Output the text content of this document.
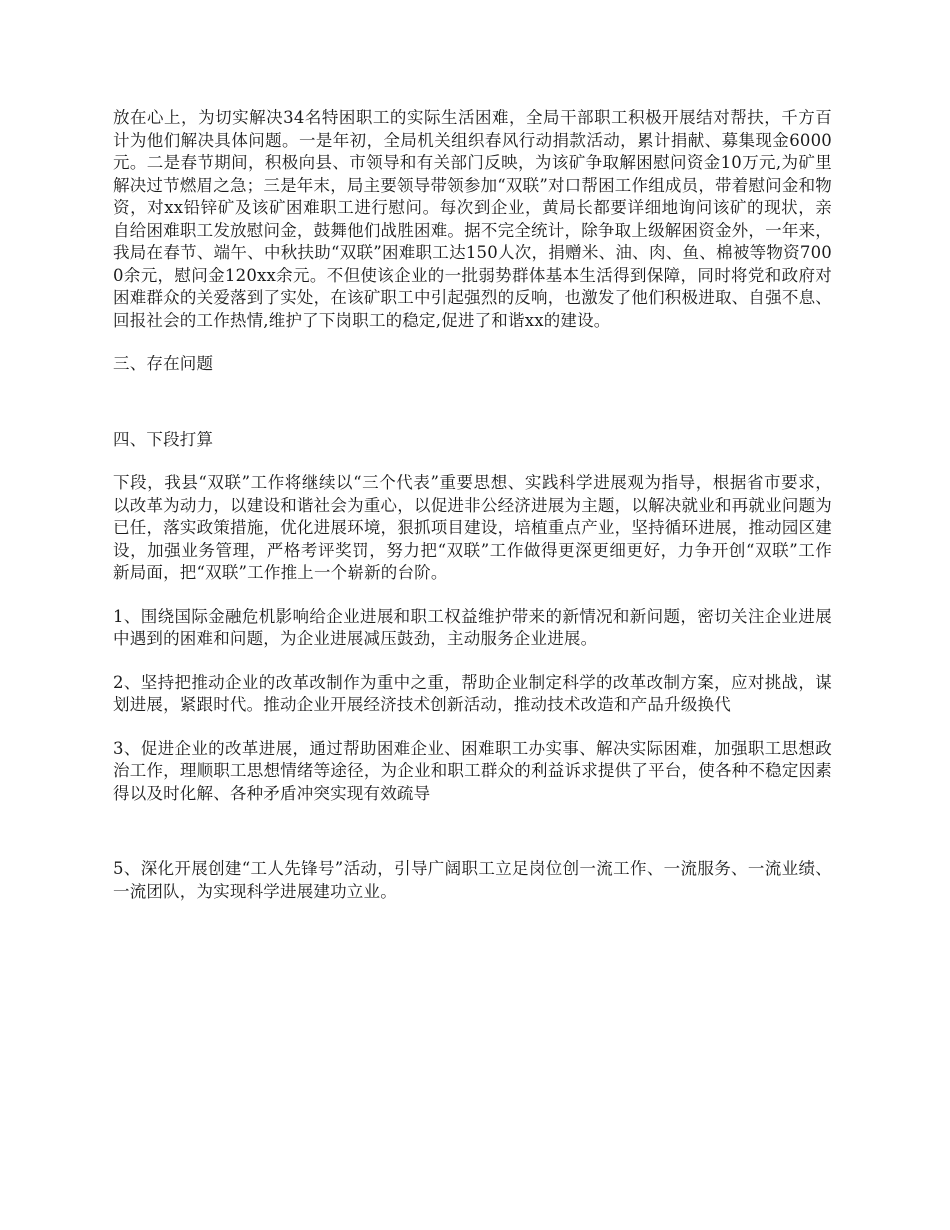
放在心上，为切实解决34名特困职工的实际生活困难，全局干部职工积极开展结对帮扶，千方百计为他们解决具体问题。一是年初，全局机关组织春风行动捐款活动，累计捐献、募集现金6000元。二是春节期间，积极向县、市领导和有关部门反映，为该矿争取解困慰问资金10万元,为矿里解决过节燃眉之急；三是年末，局主要领导带领参加“双联”对口帮困工作组成员，带着慰问金和物资，对xx铅锌矿及该矿困难职工进行慰问。每次到企业，黄局长都要详细地询问该矿的现状，亲自给困难职工发放慰问金，鼓舞他们战胜困难。据不完全统计，除争取上级解困资金外，一年来，我局在春节、端午、中秋扶助“双联”困难职工达150人次，捐赠米、油、肉、鱼、棉被等物资7000余元，慰问金120xx余元。不但使该企业的一批弱势群体基本生活得到保障，同时将党和政府对困难群众的关爱落到了实处，在该矿职工中引起强烈的反响，也激发了他们积极进取、自强不息、回报社会的工作热情,维护了下岗职工的稳定,促进了和谐xx的建设。

三、存在问题

四、下段打算

下段，我县“双联”工作将继续以“三个代表”重要思想、实践科学进展观为指导，根据省市要求，以改革为动力，以建设和谐社会为重心，以促进非公经济进展为主题，以解决就业和再就业问题为已任，落实政策措施，优化进展环境，狠抓项目建设，培植重点产业，坚持循环进展，推动园区建设，加强业务管理，严格考评奖罚，努力把“双联”工作做得更深更细更好，力争开创“双联”工作新局面，把“双联”工作推上一个崭新的台阶。

1、围绕国际金融危机影响给企业进展和职工权益维护带来的新情况和新问题，密切关注企业进展中遇到的困难和问题，为企业进展减压鼓劲，主动服务企业进展。

2、坚持把推动企业的改革改制作为重中之重，帮助企业制定科学的改革改制方案，应对挑战，谋划进展，紧跟时代。推动企业开展经济技术创新活动，推动技术改造和产品升级换代

3、促进企业的改革进展，通过帮助困难企业、困难职工办实事、解决实际困难，加强职工思想政治工作，理顺职工思想情绪等途径，为企业和职工群众的利益诉求提供了平台，使各种不稳定因素得以及时化解、各种矛盾冲突实现有效疏导

5、深化开展创建“工人先锋号”活动，引导广阔职工立足岗位创一流工作、一流服务、一流业绩、一流团队，为实现科学进展建功立业。
